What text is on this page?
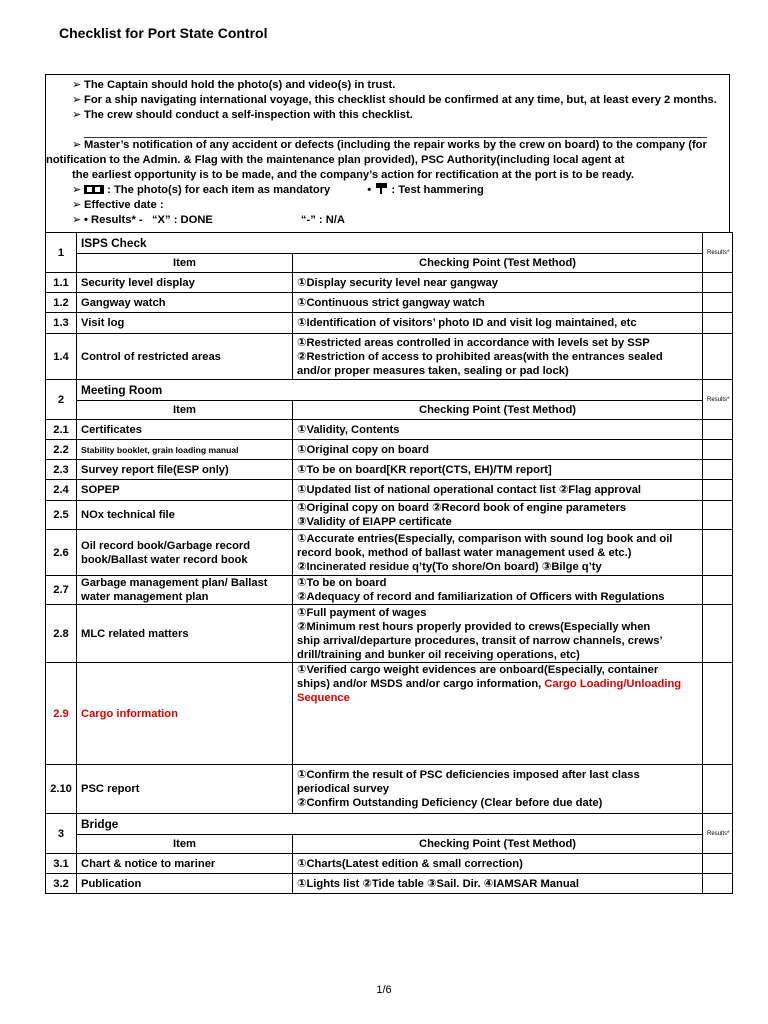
Checklist for Port State Control
➢ The Captain should hold the photo(s) and video(s) in trust.
➢ For a ship navigating international voyage, this checklist should be confirmed at any time, but, at least every 2 months.
➢ The crew should conduct a self-inspection with this checklist.
➢ Master’s notification of any accident or defects (including the repair works by the crew on board) to the company (for
notification to the Admin. & Flag with the maintenance plan provided), PSC Authority(including local agent at
the earliest opportunity is to be made, and the company’s action for rectification at the port is to be ready.
➢ : The photo(s) for each item as mandatory	•  : Test hammering
➢ Effective date :
➢ • Results* -   “X” : DONE	“-” : N/A
1	ISPS Check		Results*
	Item	Checking Point (Test Method)	
1.1	Security level display	①Display security level near gangway	

1.2	Gangway watch	①Continuous strict gangway watch	

1.3	Visit log	①Identification of visitors’ photo ID and visit log maintained, etc	

1.4	Control of restricted areas	①Restricted areas controlled in accordance with levels set by SSP
②Restriction of access to prohibited areas(with the entrances sealed
and/or proper measures taken, sealing or pad lock)	

2	Meeting Room		Results*
	Item	Checking Point (Test Method)	
2.1	Certificates	①Validity, Contents	

2.2	Stability booklet, grain loading manual	①Original copy on board	

2.3	Survey report file(ESP only)	①To be on board[KR report(CTS, EH)/TM report]	

2.4	SOPEP	①Updated list of national operational contact list ②Flag approval	

2.5	NOx technical file	①Original copy on board ②Record book of engine parameters
③Validity of EIAPP certificate	

2.6	Oil record book/Garbage record book/Ballast water record book	①Accurate entries(Especially, comparison with sound log book and oil
record book, method of ballast water management used & etc.)
②Incinerated residue q’ty(To shore/On board) ③Bilge q’ty	

2.7	Garbage management plan/ Ballast water management plan	①To be on board
②Adequacy of record and familiarization of Officers with Regulations	

2.8	MLC related matters	①Full payment of wages
②Minimum rest hours properly provided to crews(Especially when
ship arrival/departure procedures, transit of narrow channels, crews’
drill/training and bunker oil receiving operations, etc)	

2.9	Cargo information	①Verified cargo weight evidences are onboard(Especially, container
ships) and/or MSDS and/or cargo information, Cargo Loading/Unloading
Sequence	

2.10	PSC report	①Confirm the result of PSC deficiencies imposed after last class
periodical survey
②Confirm Outstanding Deficiency (Clear before due date)	

3	Bridge		Results*
	Item	Checking Point (Test Method)	
3.1	Chart & notice to mariner	①Charts(Latest edition & small correction)	

3.2	Publication	①Lights list ②Tide table ③Sail. Dir. ④IAMSAR Manual	

1/6
